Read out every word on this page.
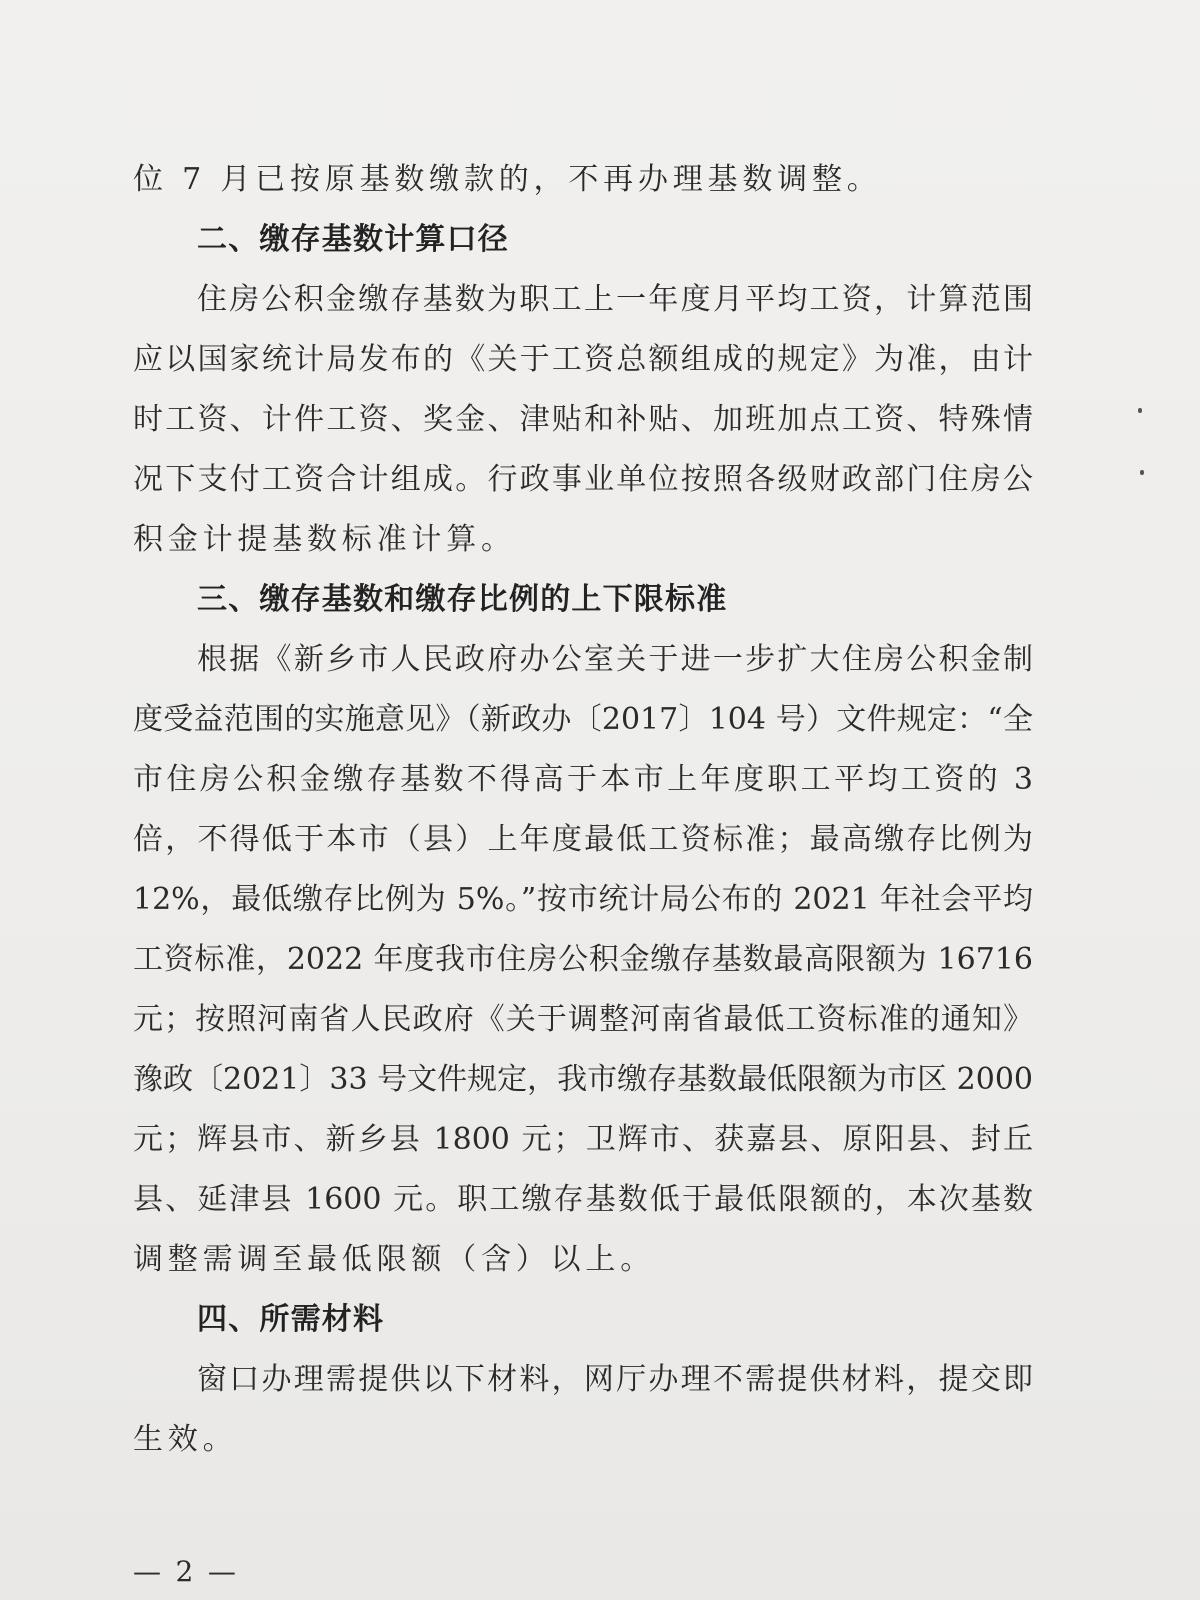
位 7 月已按原基数缴款的，不再办理基数调整。
二、缴存基数计算口径
住房公积金缴存基数为职工上一年度月平均工资，计算范围
应以国家统计局发布的《关于工资总额组成的规定》为准，由计
时工资、计件工资、奖金、津贴和补贴、加班加点工资、特殊情
况下支付工资合计组成。行政事业单位按照各级财政部门住房公
积金计提基数标准计算。
三、缴存基数和缴存比例的上下限标准
根据《新乡市人民政府办公室关于进一步扩大住房公积金制
度受益范围的实施意见》（新政办〔2017〕104 号）文件规定：“全
市住房公积金缴存基数不得高于本市上年度职工平均工资的 3
倍，不得低于本市（县）上年度最低工资标准；最高缴存比例为
12%，最低缴存比例为 5%。”按市统计局公布的 2021 年社会平均
工资标准，2022 年度我市住房公积金缴存基数最高限额为 16716
元；按照河南省人民政府《关于调整河南省最低工资标准的通知》
豫政〔2021〕33 号文件规定，我市缴存基数最低限额为市区 2000
元；辉县市、新乡县 1800 元；卫辉市、获嘉县、原阳县、封丘
县、延津县 1600 元。职工缴存基数低于最低限额的，本次基数
调整需调至最低限额（含）以上。
四、所需材料
窗口办理需提供以下材料，网厅办理不需提供材料，提交即
生效。
— 2 —
